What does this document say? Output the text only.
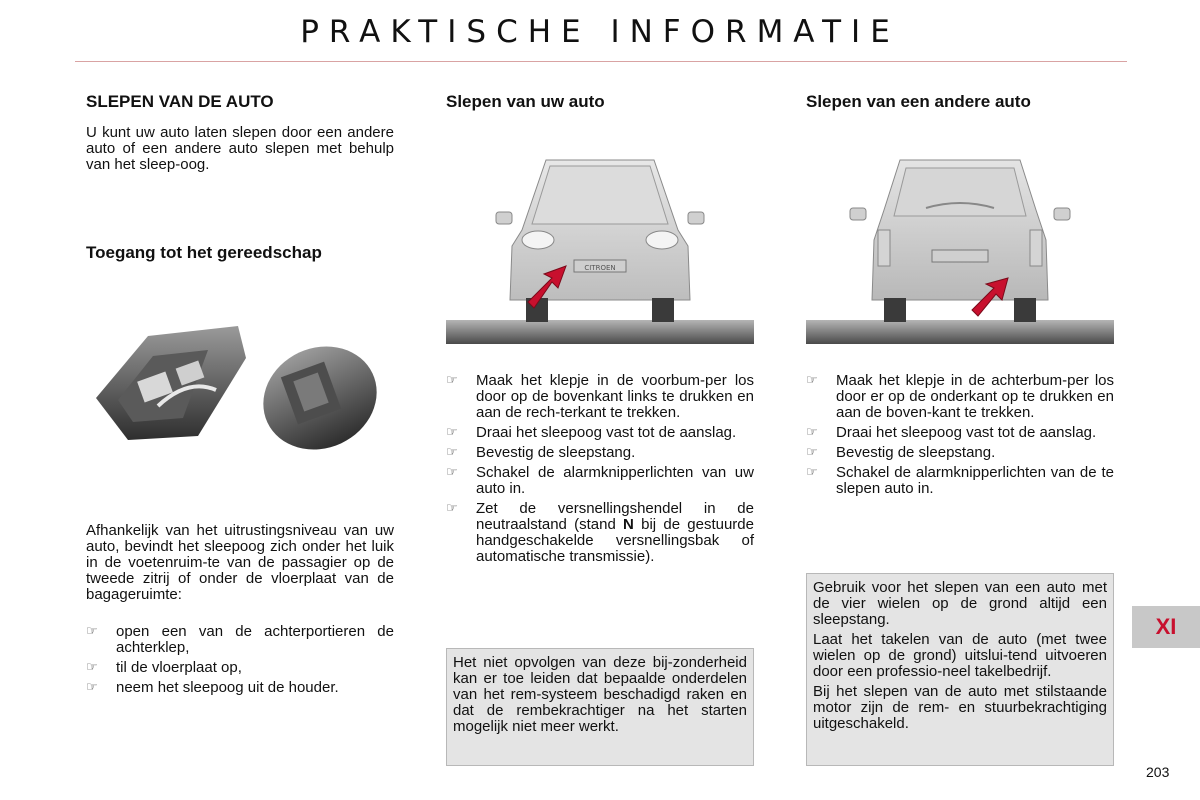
PRAKTISCHE INFORMATIE
SLEPEN VAN DE AUTO

U kunt uw auto laten slepen door een andere auto of een andere auto slepen met behulp van het sleep-oog.

Toegang tot het gereedschap

Afhankelijk van het uitrustingsniveau van uw auto, bevindt het sleepoog zich onder het luik in de voetenruim-te van de passagier op de tweede zitrij of onder de vloerplaat van de bagageruimte:

☞ open een van de achterportieren de achterklep,
☞ til de vloerplaat op,
☞ neem het sleepoog uit de houder.
Slepen van uw auto
CITROEN
☞ Maak het klepje in de voorbum-per los door op de bovenkant links te drukken en aan de rech-terkant te trekken.
☞ Draai het sleepoog vast tot de aanslag.
☞ Bevestig de sleepstang.
☞ Schakel de alarmknipperlichten van uw auto in.
☞ Zet de versnellingshendel in de neutraalstand (stand N bij de gestuurde handgeschakelde versnellingsbak of automatische transmissie).

Het niet opvolgen van deze bij-zonderheid kan er toe leiden dat bepaalde onderdelen van het rem-systeem beschadigd raken en dat de rembekrachtiger na het starten mogelijk niet meer werkt.

Slepen van een andere auto
☞ Maak het klepje in de achterbum-per los door er op de onderkant op te drukken en aan de boven-kant te trekken.
☞ Draai het sleepoog vast tot de aanslag.
☞ Bevestig de sleepstang.
☞ Schakel de alarmknipperlichten van de te slepen auto in.

Gebruik voor het slepen van een auto met de vier wielen op de grond altijd een sleepstang.

Laat het takelen van de auto (met twee wielen op de grond) uitslui-tend uitvoeren door een professio-neel takelbedrijf.

Bij het slepen van de auto met stilstaande motor zijn de rem- en stuurbekrachtiging uitgeschakeld.

XI
203
